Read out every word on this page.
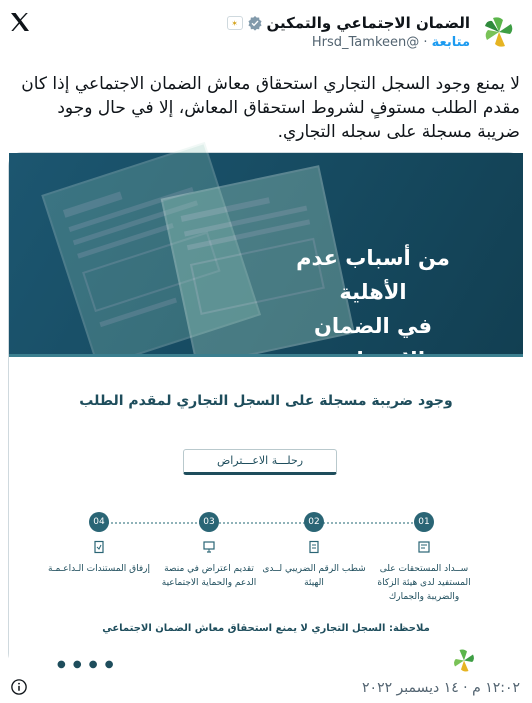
الضمان الاجتماعي والتمكين
✶
متابعة · @Hrsd_Tamkeen
لا يمنع وجود السجل التجاري استحقاق معاش الضمان الاجتماعي إذا كان مقدم الطلب مستوفٍ لشروط استحقاق المعاش، إلا في حال وجود ضريبة مسجلة على سجله التجاري.
من أسباب عدم الأهلية
في الضمان
وجود ضريبة مسجلة على السجل التجاري لمقدم الطلب
رحلـــة الاعـــتراض
01
ســداد المستحقات على المستفيد لدى هيئة الزكاة والضريبة والجمارك
02
شطب الرقم الضريبي لــدى الهيئة
03
تقديم اعتراض في منصة الدعم والحماية الاجتماعية
04
إرفاق المستندات الـداعـمـة
ملاحظة: السجل التجاري لا يمنع استحقاق معاش الضمان الاجتماعي
● ● ● ●
١٢:٠٢ م · ١٤ ديسمبر ٢٠٢٢
